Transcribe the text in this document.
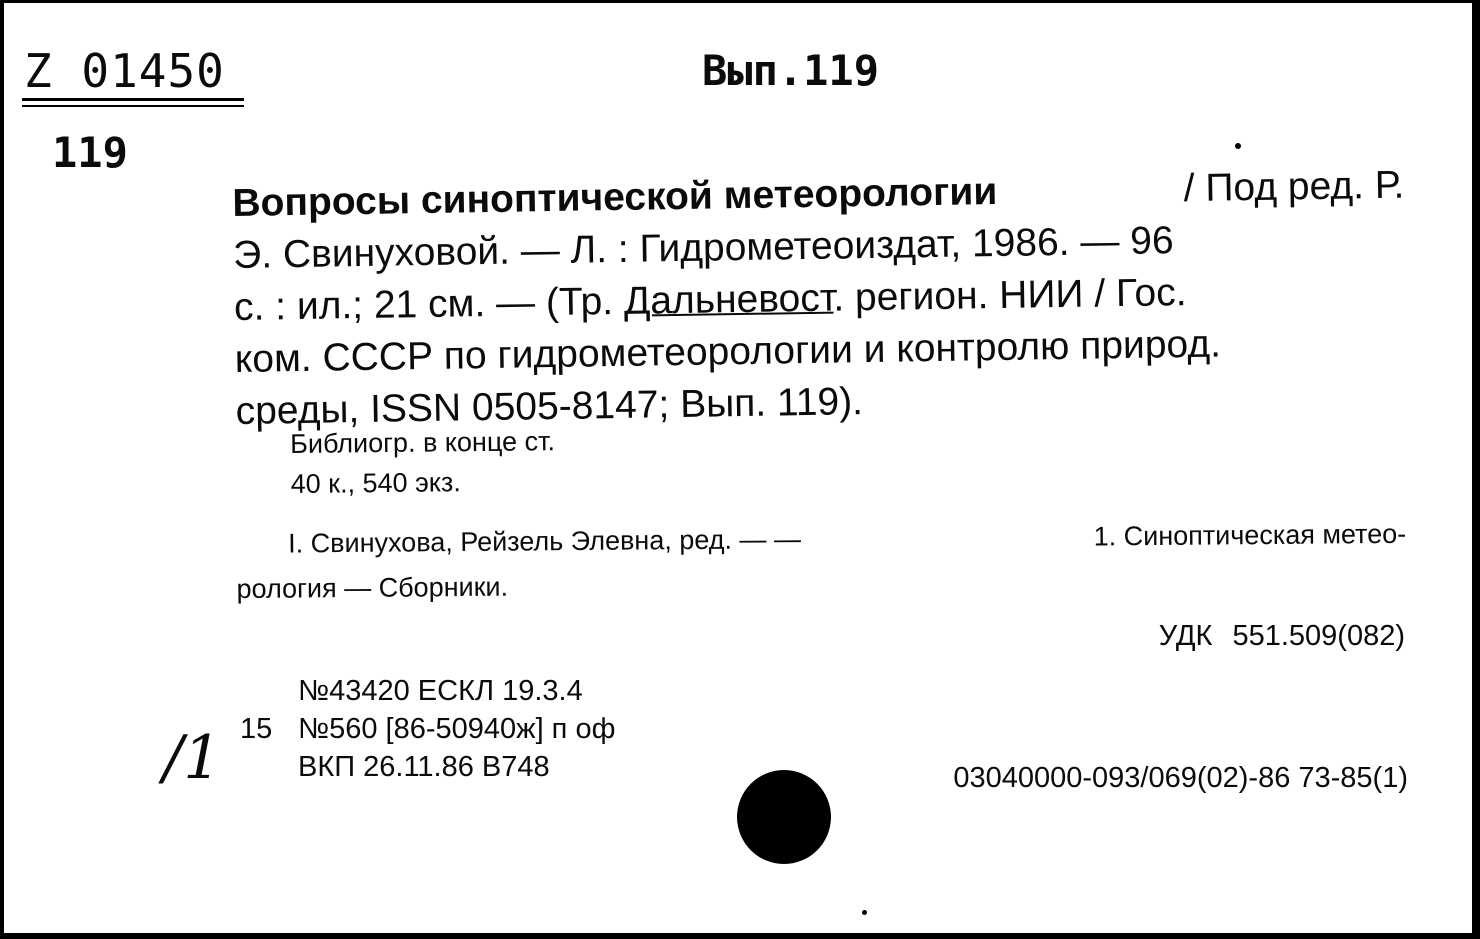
Z 01450	Вып.119
119
Вопросы синоптической метеорологии	/ Под ред. Р.
Э. Свинуховой. — Л. : Гидрометеоиздат, 1986. — 96
с. : ил.; 21 см. — (Тр. Дальневост. регион. НИИ / Гос.
ком. СССР по гидрометеорологии и контролю природ.
среды, ISSN 0505-8147; Вып. 119).
Библиогр. в конце ст.
40 к., 540 экз.
I. Свинухова, Рейзель Элевна, ред. — —	1. Синоптическая метео-
рология — Сборники.
УДК 551.509(082)
№43420 ЕСКЛ 19.3.4
15 №560 [86-50940ж] п оф
ВКП 26.11.86 В748
/1	03040000-093/069(02)-86 73-85(1)
